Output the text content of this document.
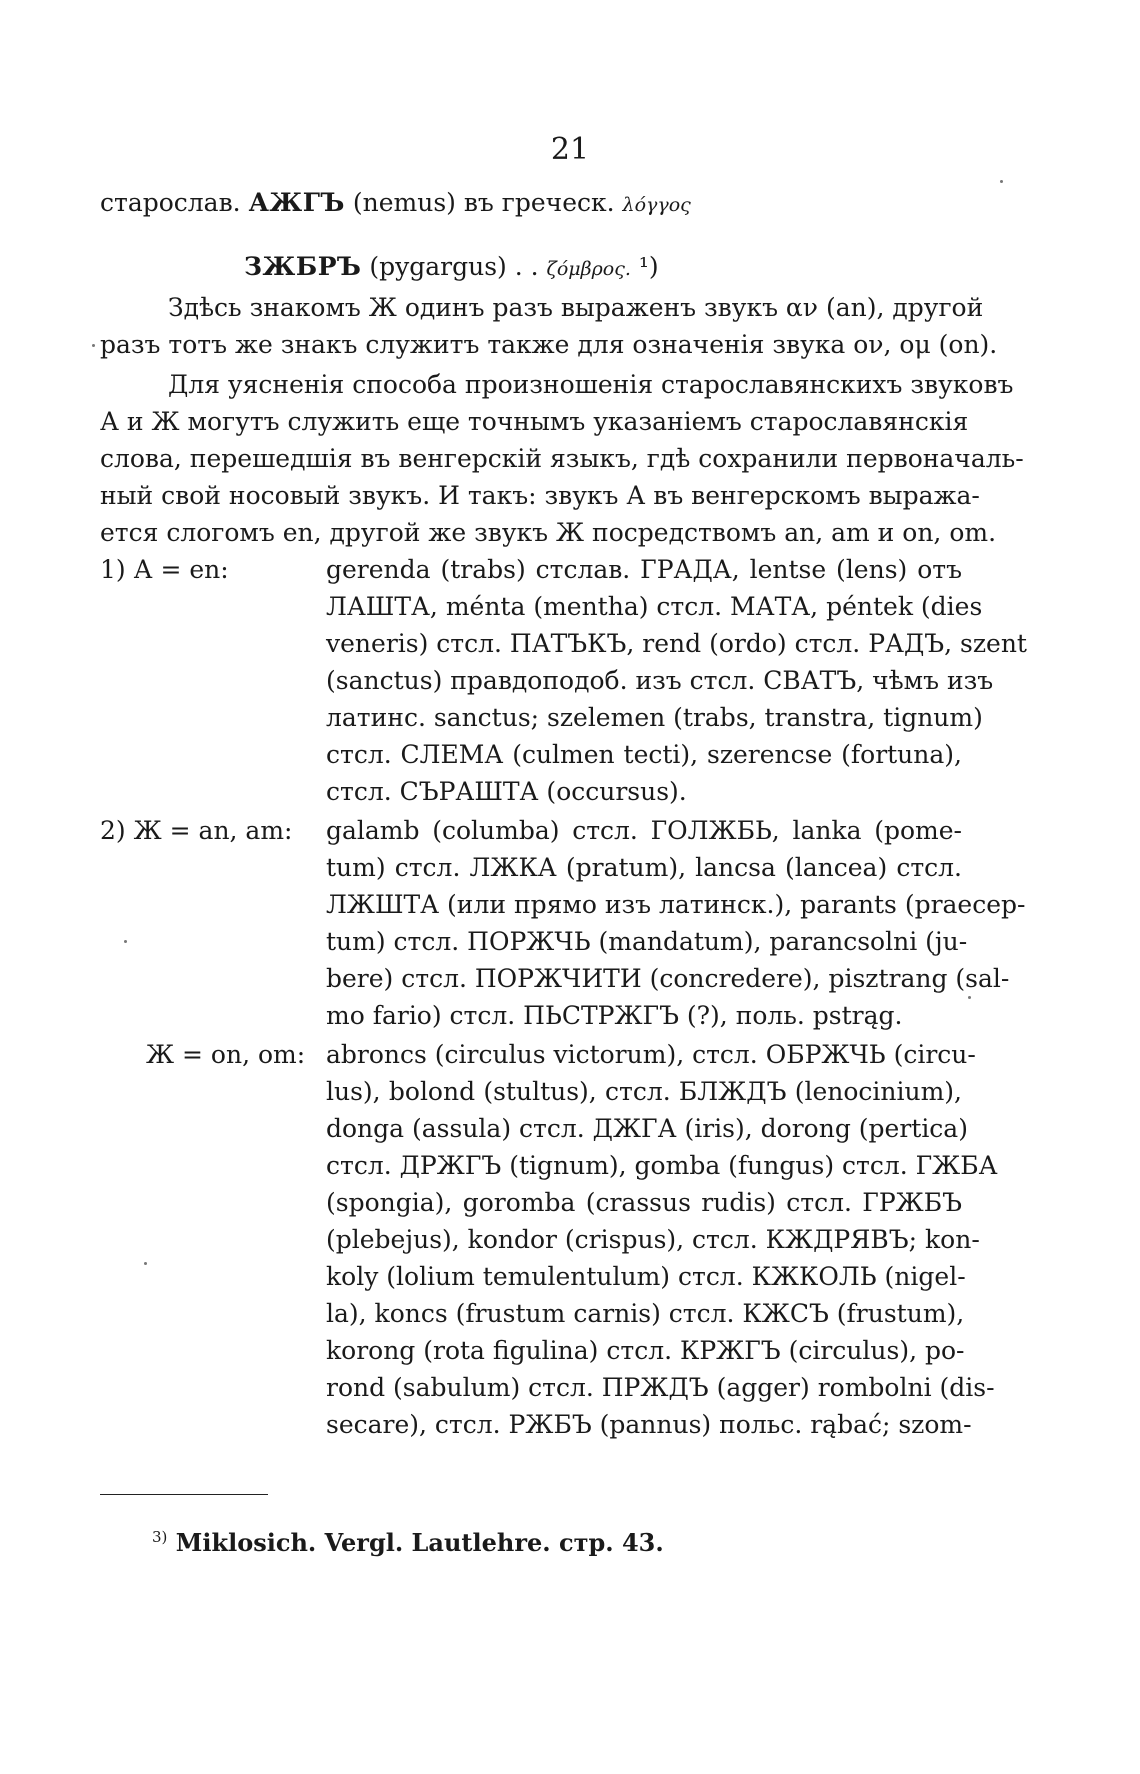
21
старослав. АЖГЪ (nemus) въ греческ. λόγγος
ЗЖБРЪ (pygargus) . . ζόμβρος. ¹)
Здѣсь знакомъ Ж одинъ разъ выраженъ звукъ αν (an), другой
разъ тотъ же знакъ служитъ также для означенія звука ον, ομ (on).
Для уясненія способа произношенія старославянскихъ звуковъ
А и Ж могутъ служить еще точнымъ указаніемъ старославянскія
слова, перешедшія въ венгерскій языкъ, гдѣ сохранили первоначаль-
ный свой носовый звукъ. И такъ: звукъ А въ венгерскомъ выража-
ется слогомъ en, другой же звукъ Ж посредствомъ an, am и on, om.
1) А = en:	gerenda (trabs) стслав. ГРАДА, lentse (lens) отъ
ЛАШТА, ménta (mentha) стсл. МАТА, péntek (dies
veneris) стсл. ПАТЪКЪ, rend (ordo) стсл. РАДЪ, szent
(sanctus) правдоподоб. изъ стсл. СВАТЪ, чѣмъ изъ
латинс. sanctus; szelemen (trabs, transtra, tignum)
стсл. СЛЕМА (culmen tecti), szerencse (fortuna),
стсл. СЪРАШТА (occursus).
2) Ж = an, am: galamb (columba) стсл. ГОЛЖБЬ, lanka (pome-
tum) стсл. ЛЖКА (pratum), lancsa (lancea) стсл.
ЛЖШТА (или прямо изъ латинск.), parants (praecep-
tum) стсл. ПОРЖЧЬ (mandatum), parancsolni (ju-
bere) стсл. ПОРЖЧИТИ (concredere), pisztrang (sal-
mo fario) стсл. ПЬСТРЖГЪ (?), поль. pstrąg.
Ж = on, om: abroncs (circulus victorum), стсл. ОБРЖЧЬ (circu-
lus), bolond (stultus), стсл. БЛЖДЪ (lenocinium),
donga (assula) стсл. ДЖГА (iris), dorong (pertica)
стсл. ДРЖГЪ (tignum), gomba (fungus) стсл. ГЖБА
(spongia), goromba (crassus rudis) стсл. ГРЖБЪ
(plebejus), kondor (crispus), стсл. КЖДРЯВЪ; kon-
koly (lolium temulentulum) стсл. КЖКОЛЬ (nigel-
la), koncs (frustum carnis) стсл. КЖСЪ (frustum),
korong (rota figulina) стсл. КРЖГЪ (circulus), po-
rond (sabulum) стсл. ПРЖДЪ (agger) rombolni (dis-
secare), стсл. РЖБЪ (pannus) польс. rąbać; szom-
$^{3)}$ Miklosich. Vergl. Lautlehre. стр. 43.
